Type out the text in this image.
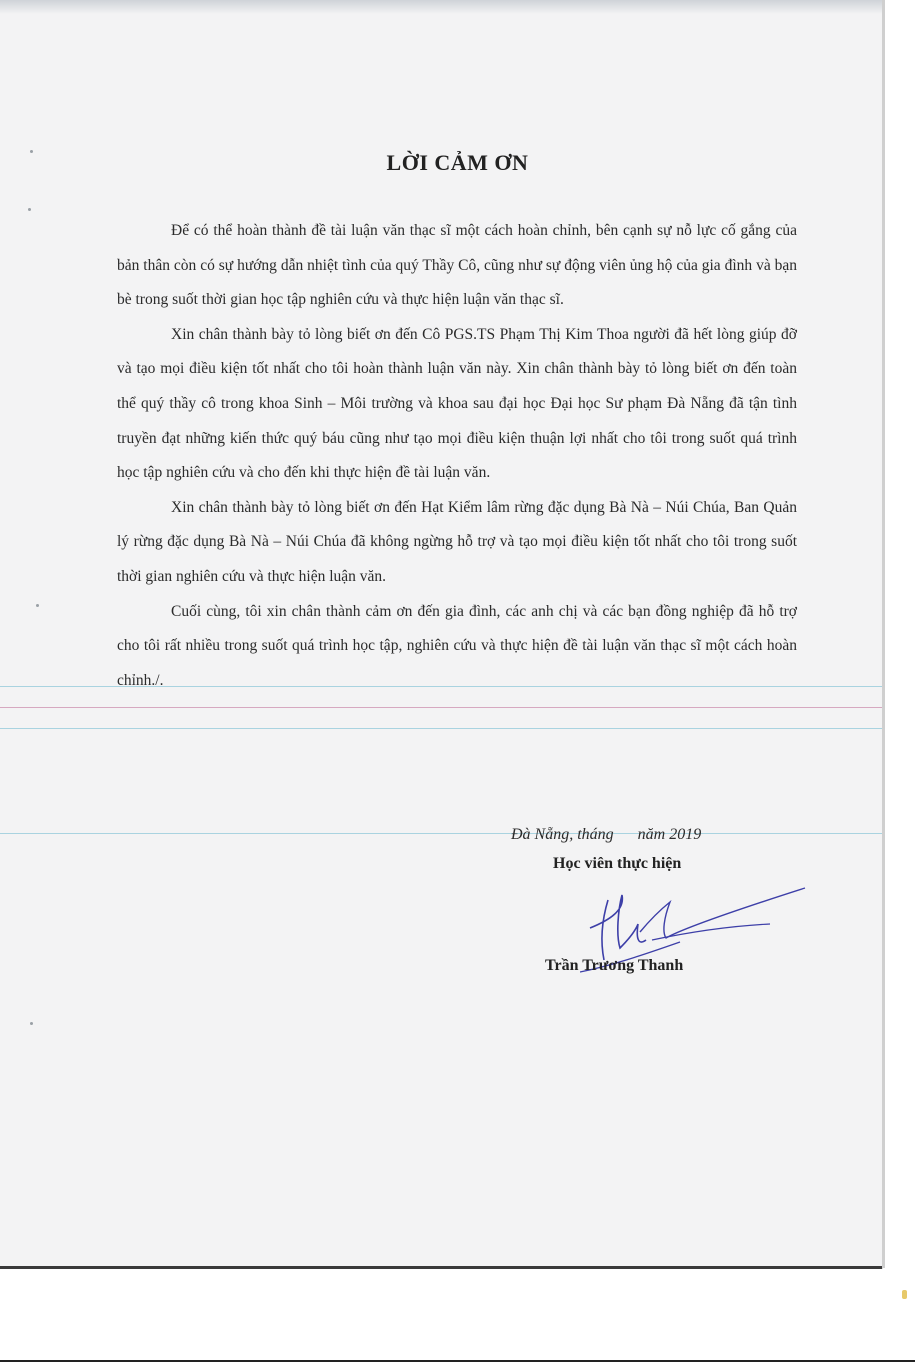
LỜI CẢM ƠN

Để có thể hoàn thành đề tài luận văn thạc sĩ một cách hoàn chỉnh, bên cạnh sự nỗ lực cố gắng của bản thân còn có sự hướng dẫn nhiệt tình của quý Thầy Cô, cũng như sự động viên ủng hộ của gia đình và bạn bè trong suốt thời gian học tập nghiên cứu và thực hiện luận văn thạc sĩ.

Xin chân thành bày tỏ lòng biết ơn đến Cô PGS.TS Phạm Thị Kim Thoa người đã hết lòng giúp đỡ và tạo mọi điều kiện tốt nhất cho tôi hoàn thành luận văn này. Xin chân thành bày tỏ lòng biết ơn đến toàn thể quý thầy cô trong khoa Sinh – Môi trường và khoa sau đại học Đại học Sư phạm Đà Nẵng đã tận tình truyền đạt những kiến thức quý báu cũng như tạo mọi điều kiện thuận lợi nhất cho tôi trong suốt quá trình học tập nghiên cứu và cho đến khi thực hiện đề tài luận văn.

Xin chân thành bày tỏ lòng biết ơn đến Hạt Kiểm lâm rừng đặc dụng Bà Nà – Núi Chúa, Ban Quản lý rừng đặc dụng Bà Nà – Núi Chúa đã không ngừng hỗ trợ và tạo mọi điều kiện tốt nhất cho tôi trong suốt thời gian nghiên cứu và thực hiện luận văn.

Cuối cùng, tôi xin chân thành cảm ơn đến gia đình, các anh chị và các bạn đồng nghiệp đã hỗ trợ cho tôi rất nhiều trong suốt quá trình học tập, nghiên cứu và thực hiện đề tài luận văn thạc sĩ một cách hoàn chỉnh./.

Đà Nẵng, tháng      năm 2019
Học viên thực hiện
Trần Trương Thanh
